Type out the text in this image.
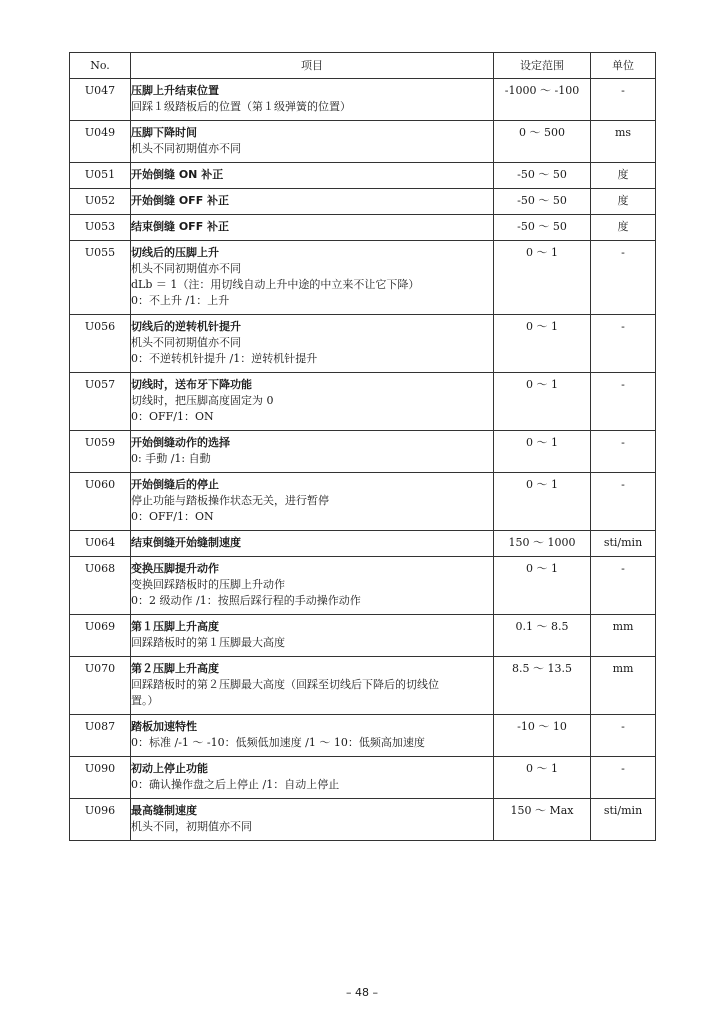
No.	项目	设定范围	单位
U047	压脚上升结束位置
回踩１级踏板后的位置（第１级弹簧的位置）	-1000 ～ -100	-
U049	压脚下降时间
机头不同初期值亦不同	0 ～ 500	ms
U051	开始倒缝 ON 补正	-50 ～ 50	度
U052	开始倒缝 OFF 补正	-50 ～ 50	度
U053	结束倒缝 OFF 补正	-50 ～ 50	度
U055	切线后的压脚上升
机头不同初期值亦不同
dLb ＝ 1（注：用切线自动上升中途的中立来不让它下降）
0：不上升 /1：上升	0 ～ 1	-
U056	切线后的逆转机针提升
机头不同初期值亦不同
0：不逆转机针提升 /1：逆转机针提升	0 ～ 1	-
U057	切线时，送布牙下降功能
切线时，把压脚高度固定为 0
0：OFF/1：ON	0 ～ 1	-
U059	开始倒缝动作的选择
0: 手動 /1: 自動	0 ～ 1	-
U060	开始倒缝后的停止
停止功能与踏板操作状态无关，进行暂停
0：OFF/1：ON	0 ～ 1	-
U064	结束倒缝开始缝制速度	150 ～ 1000	sti/min
U068	变换压脚提升动作
变换回踩踏板时的压脚上升动作
0：2 级动作 /1：按照后踩行程的手动操作动作	0 ～ 1	-
U069	第１压脚上升高度
回踩踏板时的第１压脚最大高度	0.1 ～ 8.5	mm
U070	第２压脚上升高度
回踩踏板时的第２压脚最大高度（回踩至切线后下降后的切线位
置。）	8.5 ～ 13.5	mm
U087	踏板加速特性
0：标准 /-1 ～ -10：低频低加速度 /1 ～ 10：低频高加速度	-10 ～ 10	-
U090	初动上停止功能
0：确认操作盘之后上停止 /1：自动上停止	0 ～ 1	-
U096	最高缝制速度
机头不同，初期值亦不同	150 ～ Max	sti/min
– 48 –
